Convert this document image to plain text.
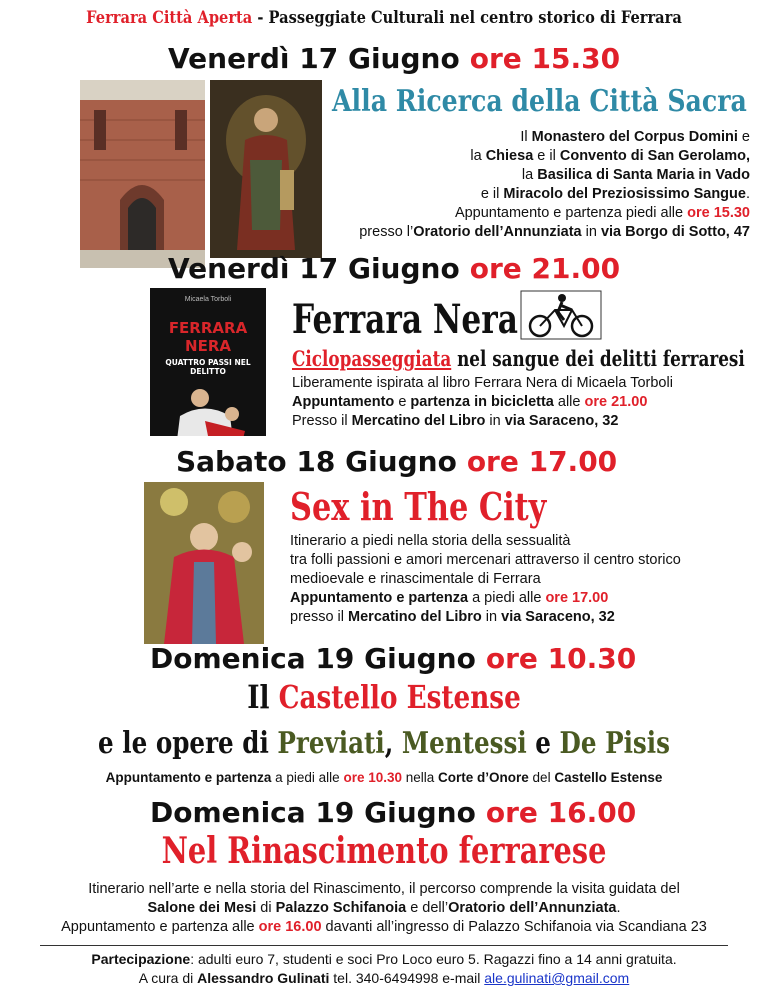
Ferrara Città Aperta - Passeggiate Culturali nel centro storico di Ferrara
Venerdì 17 Giugno ore 15.30
Alla Ricerca della Città Sacra
Il Monastero del Corpus Domini e
la Chiesa e il Convento di San Gerolamo,
la Basilica di Santa Maria in Vado
e il Miracolo del Preziosissimo Sangue.
Appuntamento e partenza piedi alle ore 15.30
presso l’Oratorio dell’Annunziata in via Borgo di Sotto, 47
Venerdì 17 Giugno ore 21.00
Micaela Torboli
FERRARA NERA
QUATTRO PASSI NEL DELITTO
Ferrara Nera
Ciclopasseggiata nel sangue dei delitti ferraresi
Liberamente ispirata al libro Ferrara Nera di Micaela Torboli
Appuntamento e partenza in bicicletta alle ore 21.00
Presso il Mercatino del Libro in via Saraceno, 32
Sabato 18 Giugno ore 17.00
Sex in The City
Itinerario a piedi nella storia della sessualità
tra folli passioni e amori mercenari attraverso il centro storico
medioevale e rinascimentale di Ferrara
Appuntamento e partenza a piedi alle ore 17.00
presso il Mercatino del Libro in via Saraceno, 32
Domenica 19 Giugno ore 10.30
Il Castello Estense
e le opere di Previati, Mentessi e De Pisis
Appuntamento e partenza a piedi alle ore 10.30 nella Corte d’Onore del Castello Estense
Domenica 19 Giugno ore 16.00
Nel Rinascimento ferrarese
Itinerario nell’arte e nella storia del Rinascimento, il percorso comprende la visita guidata del
Salone dei Mesi di Palazzo Schifanoia e dell’Oratorio dell’Annunziata.
Appuntamento e partenza alle ore 16.00 davanti all’ingresso di Palazzo Schifanoia via Scandiana 23
Partecipazione: adulti euro 7, studenti e soci Pro Loco euro 5. Ragazzi fino a 14 anni gratuita.
A cura di Alessandro Gulinati tel. 340-6494998 e-mail ale.gulinati@gmail.com
